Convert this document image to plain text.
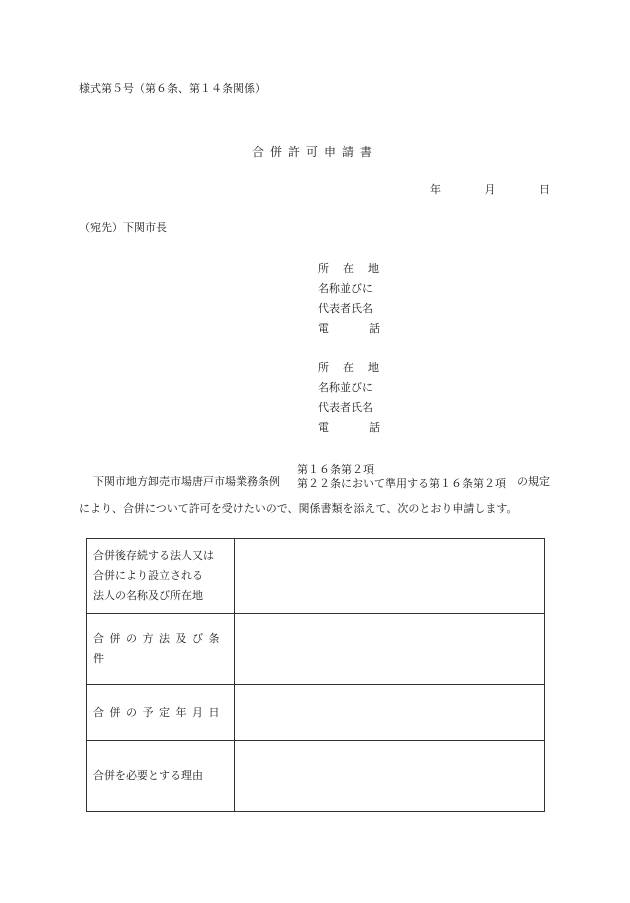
様式第５号（第６条、第１４条関係）
合併許可申請書
年	月	日
（宛先）下関市長
所在地
名称並びに
代表者氏名
電話
所在地
名称並びに
代表者氏名
電話
下関市地方卸売市場唐戸市場業務条例
第１６条第２項
第２２条において準用する第１６条第２項 の規定
により、合併について許可を受けたいので、関係書類を添えて、次のとおり申請します。
合併後存続する法人又は
合併により設立される
法人の名称及び所在地	

合併の方法及び条件	
合併の予定年月日	
合併を必要とする理由	
